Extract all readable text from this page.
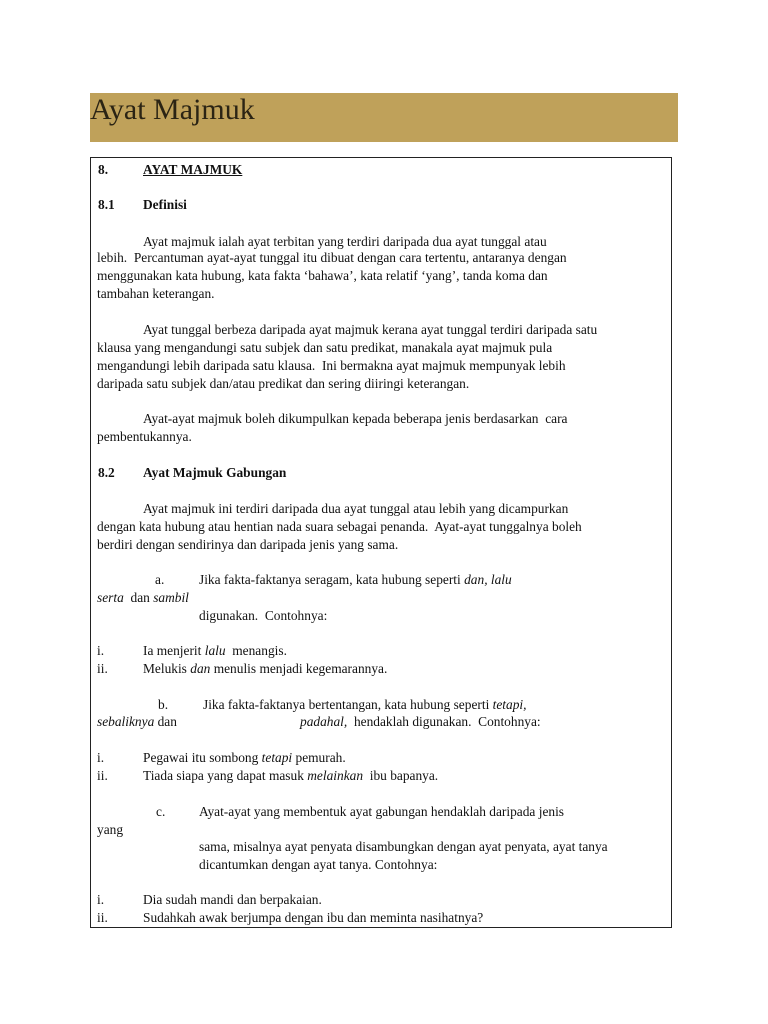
Ayat Majmuk
8.	AYAT MAJMUK
8.1 Definisi
Ayat majmuk ialah ayat terbitan yang terdiri daripada dua ayat tunggal atau
lebih.  Percantuman ayat-ayat tunggal itu dibuat dengan cara tertentu, antaranya dengan
menggunakan kata hubung, kata fakta ‘bahawa’, kata relatif ‘yang’, tanda koma dan
tambahan keterangan.
Ayat tunggal berbeza daripada ayat majmuk kerana ayat tunggal terdiri daripada satu
klausa yang mengandungi satu subjek dan satu predikat, manakala ayat majmuk pula
mengandungi lebih daripada satu klausa.  Ini bermakna ayat majmuk mempunyak lebih
daripada satu subjek dan/atau predikat dan sering diiringi keterangan.
Ayat-ayat majmuk boleh dikumpulkan kepada beberapa jenis berdasarkan  cara
pembentukannya.
8.2 Ayat Majmuk Gabungan
Ayat majmuk ini terdiri daripada dua ayat tunggal atau lebih yang dicampurkan
dengan kata hubung atau hentian nada suara sebagai penanda.  Ayat-ayat tunggalnya boleh
berdiri dengan sendirinya dan daripada jenis yang sama.
a.	Jika fakta-faktanya seragam, kata hubung seperti dan, lalu
serta  dan sambil
digunakan.  Contohnya:
i.	Ia menjerit lalu  menangis.
ii.	Melukis dan menulis menjadi kegemarannya.
b.	Jika fakta-faktanya bertentangan, kata hubung seperti tetapi,
sebaliknya dan	padahal,  hendaklah digunakan.  Contohnya:
i.	Pegawai itu sombong tetapi pemurah.
ii.	Tiada siapa yang dapat masuk melainkan  ibu bapanya.
c.	Ayat-ayat yang membentuk ayat gabungan hendaklah daripada jenis
yang
sama, misalnya ayat penyata disambungkan dengan ayat penyata, ayat tanya
dicantumkan dengan ayat tanya. Contohnya:
i.	Dia sudah mandi dan berpakaian.
ii.	Sudahkah awak berjumpa dengan ibu dan meminta nasihatnya?
